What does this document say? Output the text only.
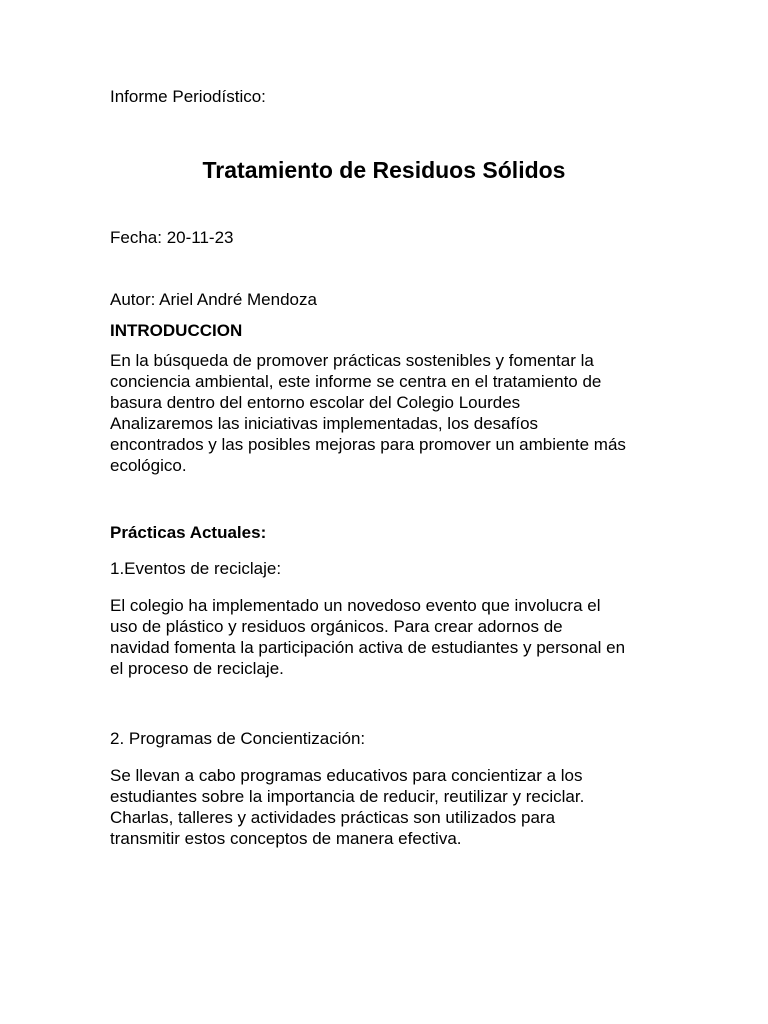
Informe Periodístico:

Tratamiento de Residuos Sólidos

Fecha: 20-11-23

Autor: Ariel André Mendoza

INTRODUCCION

En la búsqueda de promover prácticas sostenibles y fomentar la
conciencia ambiental, este informe se centra en el tratamiento de
basura dentro del entorno escolar del Colegio Lourdes
Analizaremos las iniciativas implementadas, los desafíos
encontrados y las posibles mejoras para promover un ambiente más
ecológico.

Prácticas Actuales:

1.Eventos de reciclaje:

El colegio ha implementado un novedoso evento que involucra el
uso de plástico y residuos orgánicos. Para crear adornos de
navidad fomenta la participación activa de estudiantes y personal en
el proceso de reciclaje.

2. Programas de Concientización:

Se llevan a cabo programas educativos para concientizar a los
estudiantes sobre la importancia de reducir, reutilizar y reciclar.
Charlas, talleres y actividades prácticas son utilizados para
transmitir estos conceptos de manera efectiva.
